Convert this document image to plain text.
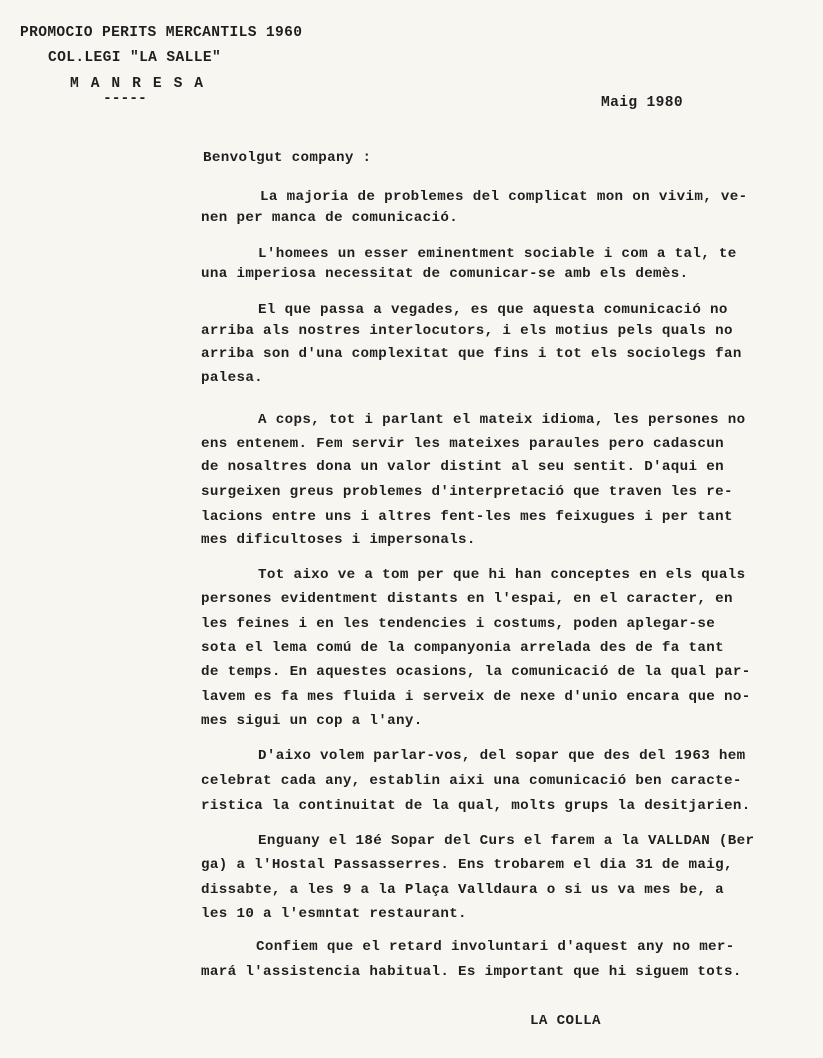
PROMOCIO PERITS MERCANTILS 1960
COL.LEGI "LA SALLE"
M A N R E S A
-----	Maig 1980
Benvolgut company :
La majoria de problemes del complicat mon on vivim, ve-
nen per manca de comunicació.
L'homees un esser eminentment sociable i com a tal, te
una imperiosa necessitat de comunicar-se amb els demès.
El que passa a vegades, es que aquesta comunicació no
arriba als nostres interlocutors, i els motius pels quals no
arriba son d'una complexitat que fins i tot els sociolegs fan
palesa.
A cops, tot i parlant el mateix idioma, les persones no
ens entenem. Fem servir les mateixes paraules pero cadascun
de nosaltres dona un valor distint al seu sentit. D'aqui en
surgeixen greus problemes d'interpretació que traven les re-
lacions entre uns i altres fent-les mes feixugues i per tant
mes dificultoses i impersonals.
Tot aixo ve a tom per que hi han conceptes en els quals
persones evidentment distants en l'espai, en el caracter, en
les feines i en les tendencies i costums, poden aplegar-se
sota el lema comú de la companyonia arrelada des de fa tant
de temps. En aquestes ocasions, la comunicació de la qual par-
lavem es fa mes fluida i serveix de nexe d'unio encara que no-
mes sigui un cop a l'any.
D'aixo volem parlar-vos, del sopar que des del 1963 hem
celebrat cada any, establin aixi una comunicació ben caracte-
ristica la continuitat de la qual, molts grups la desitjarien.
Enguany el 18é Sopar del Curs el farem a la VALLDAN (Ber
ga) a l'Hostal Passasserres. Ens trobarem el dia 31 de maig,
dissabte, a les 9 a la Plaça Valldaura o si us va mes be, a
les 10 a l'esmntat restaurant.
Confiem que el retard involuntari d'aquest any no mer-
mará l'assistencia habitual. Es important que hi siguem tots.
LA COLLA
